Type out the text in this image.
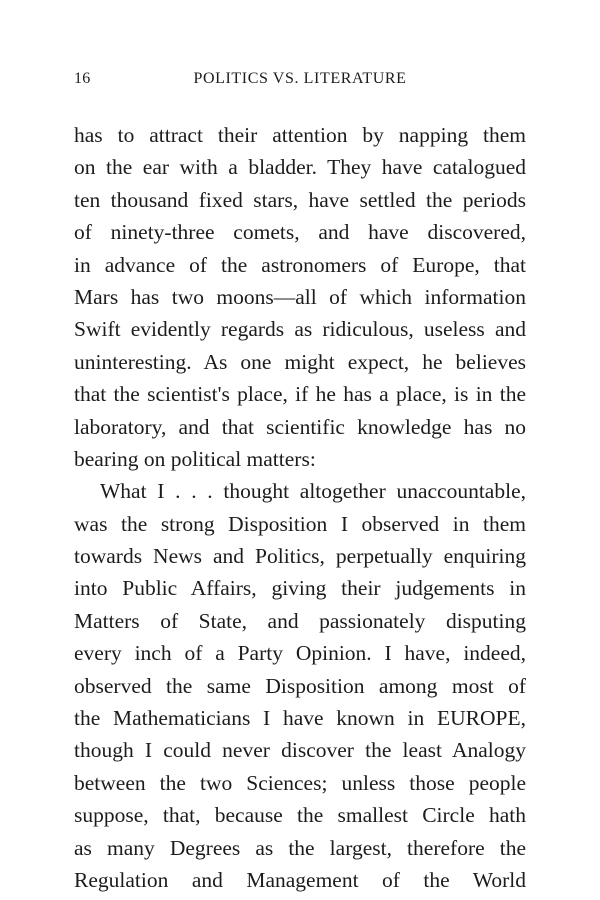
16	POLITICS VS. LITERATURE
has to attract their attention by napping them
on the ear with a bladder. They have catalogued
ten thousand fixed stars, have settled the periods
of ninety-three comets, and have discovered,
in advance of the astronomers of Europe, that
Mars has two moons—all of which information
Swift evidently regards as ridiculous, useless and
uninteresting. As one might expect, he believes
that the scientist's place, if he has a place, is in the
laboratory, and that scientific knowledge has no
bearing on political matters:
What I . . . thought altogether unaccountable,
was the strong Disposition I observed in them
towards News and Politics, perpetually enquiring
into Public Affairs, giving their judgements in
Matters of State, and passionately disputing
every inch of a Party Opinion. I have, indeed,
observed the same Disposition among most of
the Mathematicians I have known in EUROPE,
though I could never discover the least Analogy
between the two Sciences; unless those people
suppose, that, because the smallest Circle hath
as many Degrees as the largest, therefore the
Regulation and Management of the World
